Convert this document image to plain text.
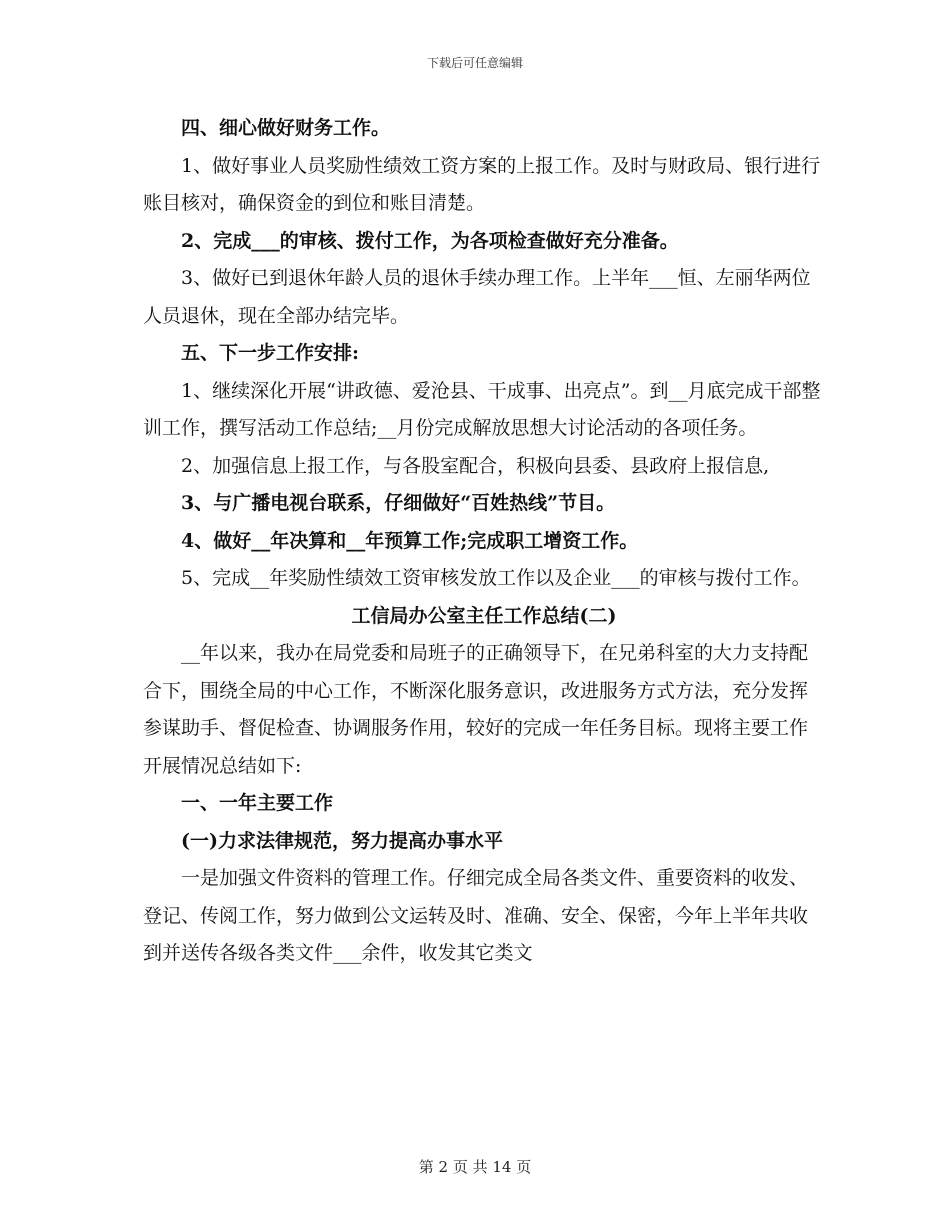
下载后可任意编辑

四、细心做好财务工作。

1、做好事业人员奖励性绩效工资方案的上报工作。及时与财政局、银行进行账目核对，确保资金的到位和账目清楚。

2、完成___的审核、拨付工作，为各项检查做好充分准备。

3、做好已到退休年龄人员的退休手续办理工作。上半年___恒、左丽华两位人员退休，现在全部办结完毕。

五、下一步工作安排:

1、继续深化开展“讲政德、爱沧县、干成事、出亮点”。到__月底完成干部整训工作，撰写活动工作总结;__月份完成解放思想大讨论活动的各项任务。

2、加强信息上报工作，与各股室配合，积极向县委、县政府上报信息,

3、与广播电视台联系，仔细做好“百姓热线”节目。

4、做好__年决算和__年预算工作;完成职工增资工作。

5、完成__年奖励性绩效工资审核发放工作以及企业___的审核与拨付工作。

工信局办公室主任工作总结(二)

__年以来，我办在局党委和局班子的正确领导下，在兄弟科室的大力支持配合下，围绕全局的中心工作，不断深化服务意识，改进服务方式方法，充分发挥参谋助手、督促检查、协调服务作用，较好的完成一年任务目标。现将主要工作开展情况总结如下:

一、一年主要工作

(一)力求法律规范，努力提高办事水平

一是加强文件资料的管理工作。仔细完成全局各类文件、重要资料的收发、登记、传阅工作，努力做到公文运转及时、准确、安全、保密，今年上半年共收到并送传各级各类文件___余件，收发其它类文

第 2 页 共 14 页
